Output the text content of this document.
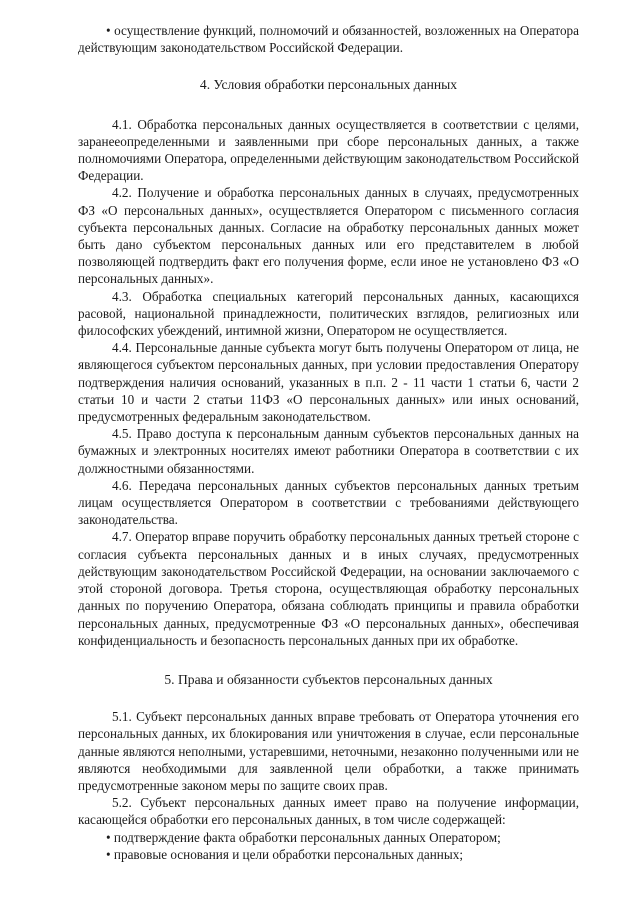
• осуществление функций, полномочий и обязанностей, возложенных на Оператора действующим законодательством Российской Федерации.

4. Условия обработки персональных данных

4.1. Обработка персональных данных осуществляется в соответствии с целями, заранееопределенными и заявленными при сборе персональных данных, а также полномочиями Оператора, определенными действующим законодательством Российской Федерации.

4.2. Получение и обработка персональных данных в случаях, предусмотренных ФЗ «О персональных данных», осуществляется Оператором с письменного согласия субъекта персональных данных. Согласие на обработку персональных данных может быть дано субъектом персональных данных или его представителем в любой позволяющей подтвердить факт его получения форме, если иное не установлено ФЗ «О персональных данных».

4.3. Обработка специальных категорий персональных данных, касающихся расовой, национальной принадлежности, политических взглядов, религиозных или философских убеждений, интимной жизни, Оператором не осуществляется.

4.4. Персональные данные субъекта могут быть получены Оператором от лица, не являющегося субъектом персональных данных, при условии предоставления Оператору подтверждения наличия оснований, указанных в п.п. 2 - 11 части 1 статьи 6, части 2 статьи 10 и части 2 статьи 11ФЗ «О персональных данных» или иных оснований, предусмотренных федеральным законодательством.

4.5. Право доступа к персональным данным субъектов персональных данных на бумажных и электронных носителях имеют работники Оператора в соответствии с их должностными обязанностями.

4.6. Передача персональных данных субъектов персональных данных третьим лицам осуществляется Оператором в соответствии с требованиями действующего законодательства.

4.7. Оператор вправе поручить обработку персональных данных третьей стороне с согласия субъекта персональных данных и в иных случаях, предусмотренных действующим законодательством Российской Федерации, на основании заключаемого с этой стороной договора. Третья сторона, осуществляющая обработку персональных данных по поручению Оператора, обязана соблюдать принципы и правила обработки персональных данных, предусмотренные ФЗ «О персональных данных», обеспечивая конфиденциальность и безопасность персональных данных при их обработке.

5. Права и обязанности субъектов персональных данных

5.1. Субъект персональных данных вправе требовать от Оператора уточнения его персональных данных, их блокирования или уничтожения в случае, если персональные данные являются неполными, устаревшими, неточными, незаконно полученными или не являются необходимыми для заявленной цели обработки, а также принимать предусмотренные законом меры по защите своих прав.

5.2. Субъект персональных данных имеет право на получение информации, касающейся обработки его персональных данных, в том числе содержащей:

• подтверждение факта обработки персональных данных Оператором;

• правовые основания и цели обработки персональных данных;
